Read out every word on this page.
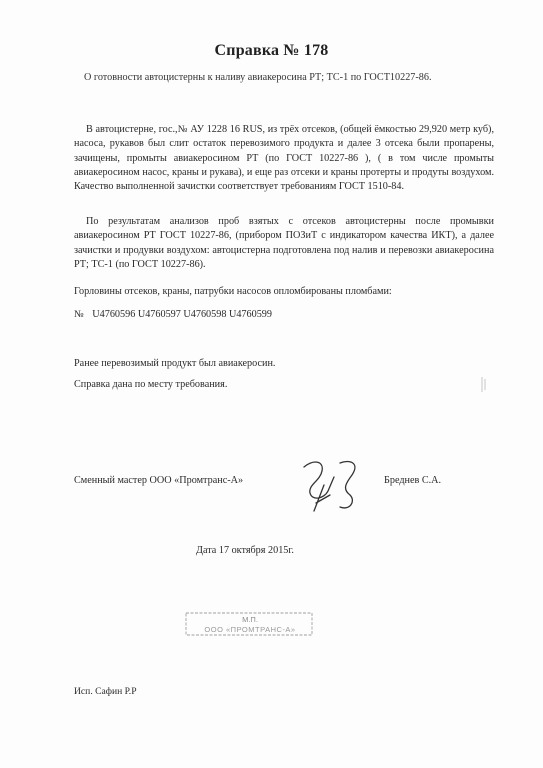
Справка № 178
О готовности автоцистерны к наливу авиакеросина РТ; ТС-1 по ГОСТ10227-86.
В автоцистерне, гос.,№ АУ 1228 16 RUS, из трёх отсеков, (общей ёмкостью 29,920 метр куб), насоса, рукавов был слит остаток перевозимого продукта и далее 3 отсека были пропарены, зачищены, промыты авиакеросином РТ (по ГОСТ 10227-86 ), ( в том числе промыты авиакеросином насос, краны и рукава), и еще раз отсеки и краны протерты и продуты воздухом. Качество выполненной зачистки соответствует требованиям ГОСТ 1510-84.
По результатам анализов проб взятых с отсеков автоцистерны после промывки авиакеросином РТ ГОСТ 10227-86, (прибором ПОЗиТ с индикатором качества ИКТ), а далее зачистки и продувки воздухом: автоцистерна подготовлена под налив и перевозки авиакеросина РТ; ТС-1 (по ГОСТ 10227-86).
Горловины отсеков, краны, патрубки насосов опломбированы пломбами:
№ U4760596 U4760597 U4760598 U4760599
Ранее перевозимый продукт был авиакеросин.
Справка дана по месту требования.
Сменный мастер ООО «Промтранс-А»	Бреднев С.А.
Дата 17 октября 2015г.
М.П.
ООО «ПРОМТРАНС-А»
Исп. Сафин Р.Р
